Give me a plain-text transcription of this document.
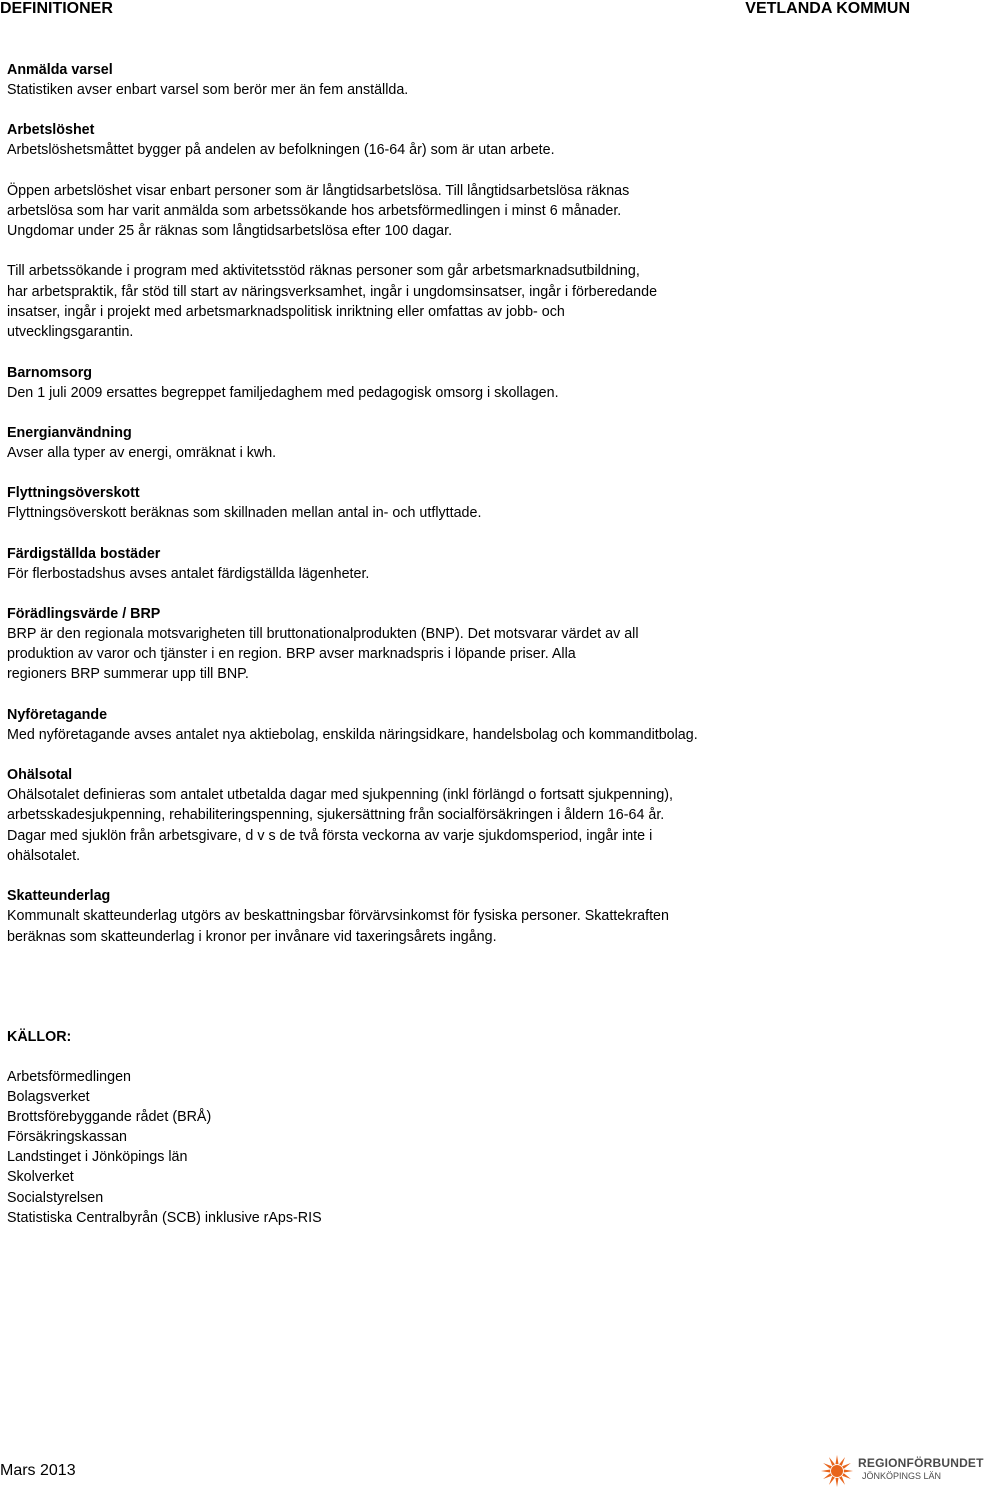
DEFINITIONER	VETLANDA KOMMUN
Anmälda varsel

Statistiken avser enbart varsel som berör mer än fem anställda.

Arbetslöshet

Arbetslöshetsmåttet bygger på andelen av befolkningen (16-64 år) som är utan arbete.

Öppen arbetslöshet visar enbart personer som är långtidsarbetslösa. Till långtidsarbetslösa räknas

arbetslösa som har varit anmälda som arbetssökande hos arbetsförmedlingen i minst 6 månader.

Ungdomar under 25 år räknas som långtidsarbetslösa efter 100 dagar.

Till arbetssökande i program med aktivitetsstöd räknas personer som går arbetsmarknadsutbildning,

har arbetspraktik, får stöd till start av näringsverksamhet, ingår i ungdomsinsatser, ingår i förberedande

insatser, ingår i projekt med arbetsmarknadspolitisk inriktning eller omfattas av jobb- och

utvecklingsgarantin.

Barnomsorg

Den 1 juli 2009 ersattes begreppet familjedaghem med pedagogisk omsorg i skollagen.

Energianvändning

Avser alla typer av energi, omräknat i kwh.

Flyttningsöverskott

Flyttningsöverskott beräknas som skillnaden mellan antal in- och utflyttade.

Färdigställda bostäder

För flerbostadshus avses antalet färdigställda lägenheter.

Förädlingsvärde / BRP

BRP är den regionala motsvarigheten till bruttonationalprodukten (BNP). Det motsvarar värdet av all

produktion av varor och tjänster i en region. BRP avser marknadspris i löpande priser. Alla

regioners BRP summerar upp till BNP.

Nyföretagande

Med nyföretagande avses antalet nya aktiebolag, enskilda näringsidkare, handelsbolag och kommanditbolag.

Ohälsotal

Ohälsotalet definieras som antalet utbetalda dagar med sjukpenning (inkl förlängd o fortsatt sjukpenning),

arbetsskadesjukpenning, rehabiliteringspenning, sjukersättning från socialförsäkringen i åldern 16-64 år.

Dagar med sjuklön från arbetsgivare, d v s de två första veckorna av varje sjukdomsperiod, ingår inte i

ohälsotalet.

Skatteunderlag

Kommunalt skatteunderlag utgörs av beskattningsbar förvärvsinkomst för fysiska personer. Skattekraften

beräknas som skatteunderlag i kronor per invånare vid taxeringsårets ingång.

KÄLLOR:
Arbetsförmedlingen
Bolagsverket
Brottsförebyggande rådet (BRÅ)
Försäkringskassan
Landstinget i Jönköpings län
Skolverket
Socialstyrelsen
Statistiska Centralbyrån (SCB) inklusive rAps-RIS
Mars 2013	REGIONFÖRBUNDET
JÖNKÖPINGS LÄN
